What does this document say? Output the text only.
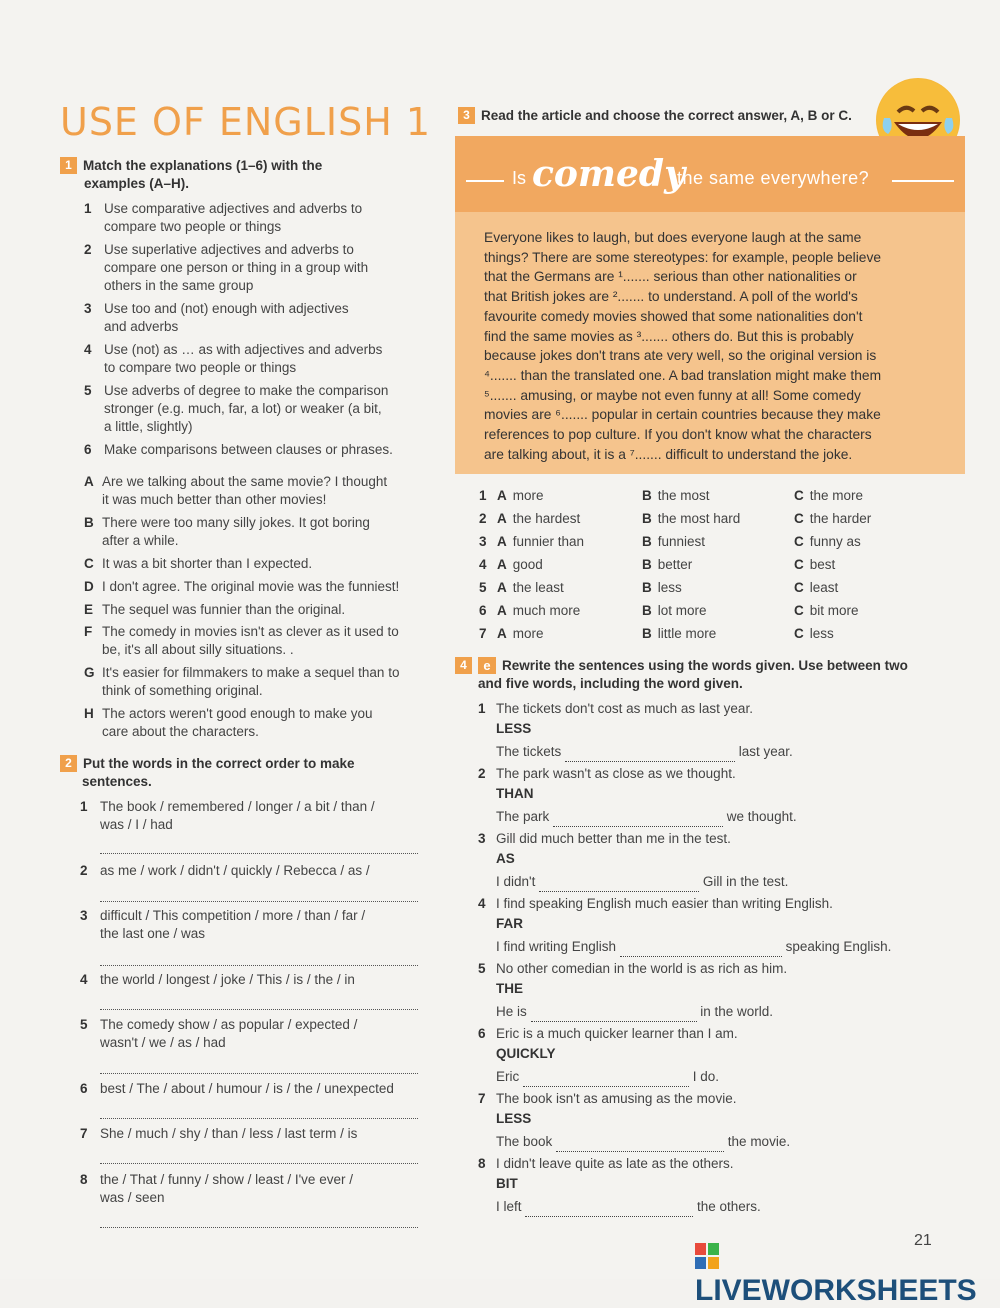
USE OF ENGLISH 1
1 Match the explanations (1–6) with the
examples (A–H).
1 Use comparative adjectives and adverbs to
compare two people or things
2 Use superlative adjectives and adverbs to
compare one person or thing in a group with
others in the same group
3 Use too and (not) enough with adjectives
and adverbs
4 Use (not) as … as with adjectives and adverbs
to compare two people or things
5 Use adverbs of degree to make the comparison
stronger (e.g. much, far, a lot) or weaker (a bit,
a little, slightly)
6 Make comparisons between clauses or phrases.
A Are we talking about the same movie? I thought
it was much better than other movies!
B There were too many silly jokes. It got boring
after a while.
C It was a bit shorter than I expected.
D I don't agree. The original movie was the funniest!
E The sequel was funnier than the original.
F The comedy in movies isn't as clever as it used to
be, it's all about silly situations. .
G It's easier for filmmakers to make a sequel than to
think of something original.
H The actors weren't good enough to make you
care about the characters.
2 Put the words in the correct order to make
sentences.
1 The book / remembered / longer / a bit / than /
was / I / had
2 as me / work / didn't / quickly / Rebecca / as /
3 difficult / This competition / more / than / far /
the last one / was
4 the world / longest / joke / This / is / the / in
5 The comedy show / as popular / expected /
wasn't / we / as / had
6 best / The / about / humour / is / the / unexpected
7 She / much / shy / than / less / last term / is
8 the / That / funny / show / least / I've ever /
was / seen
3 Read the article and choose the correct answer, A, B or C.
Is comedy
the same everywhere?
Everyone likes to laugh, but does everyone laugh at the same
things? There are some stereotypes: for example, people believe
that the Germans are ¹....... serious than other nationalities or
that British jokes are ²....... to understand. A poll of the world's
favourite comedy movies showed that some nationalities don't
find the same movies as ³....... others do. But this is probably
because jokes don't trans ate very well, so the original version is
⁴....... than the translated one. A bad translation might make them
⁵....... amusing, or maybe not even funny at all! Some comedy
movies are ⁶....... popular in certain countries because they make
references to pop culture. If you don't know what the characters
are talking about, it is a ⁷....... difficult to understand the joke.
1 A more	B the most	C the more
2 A the hardest	B the most hard	C the harder
3 A funnier than	B funniest	C funny as
4 A good	B better	C best
5 A the least	B less	C least
6 A much more	B lot more	C bit more
7 A more	B little more	C less
4 e Rewrite the sentences using the words given. Use between two
and five words, including the word given.
1 The tickets don't cost as much as last year.
LESS
The tickets	last year.
2 The park wasn't as close as we thought.
THAN
The park	we thought.
3 Gill did much better than me in the test.
AS
I didn't	Gill in the test.
4 I find speaking English much easier than writing English.
FAR
I find writing English	speaking English.
5 No other comedian in the world is as rich as him.
THE
He is	in the world.
6 Eric is a much quicker learner than I am.
QUICKLY
Eric	I do.
7 The book isn't as amusing as the movie.
LESS
The book	the movie.
8 I didn't leave quite as late as the others.
BIT
I left	the others.
LIVEWORKSHEETS
21
